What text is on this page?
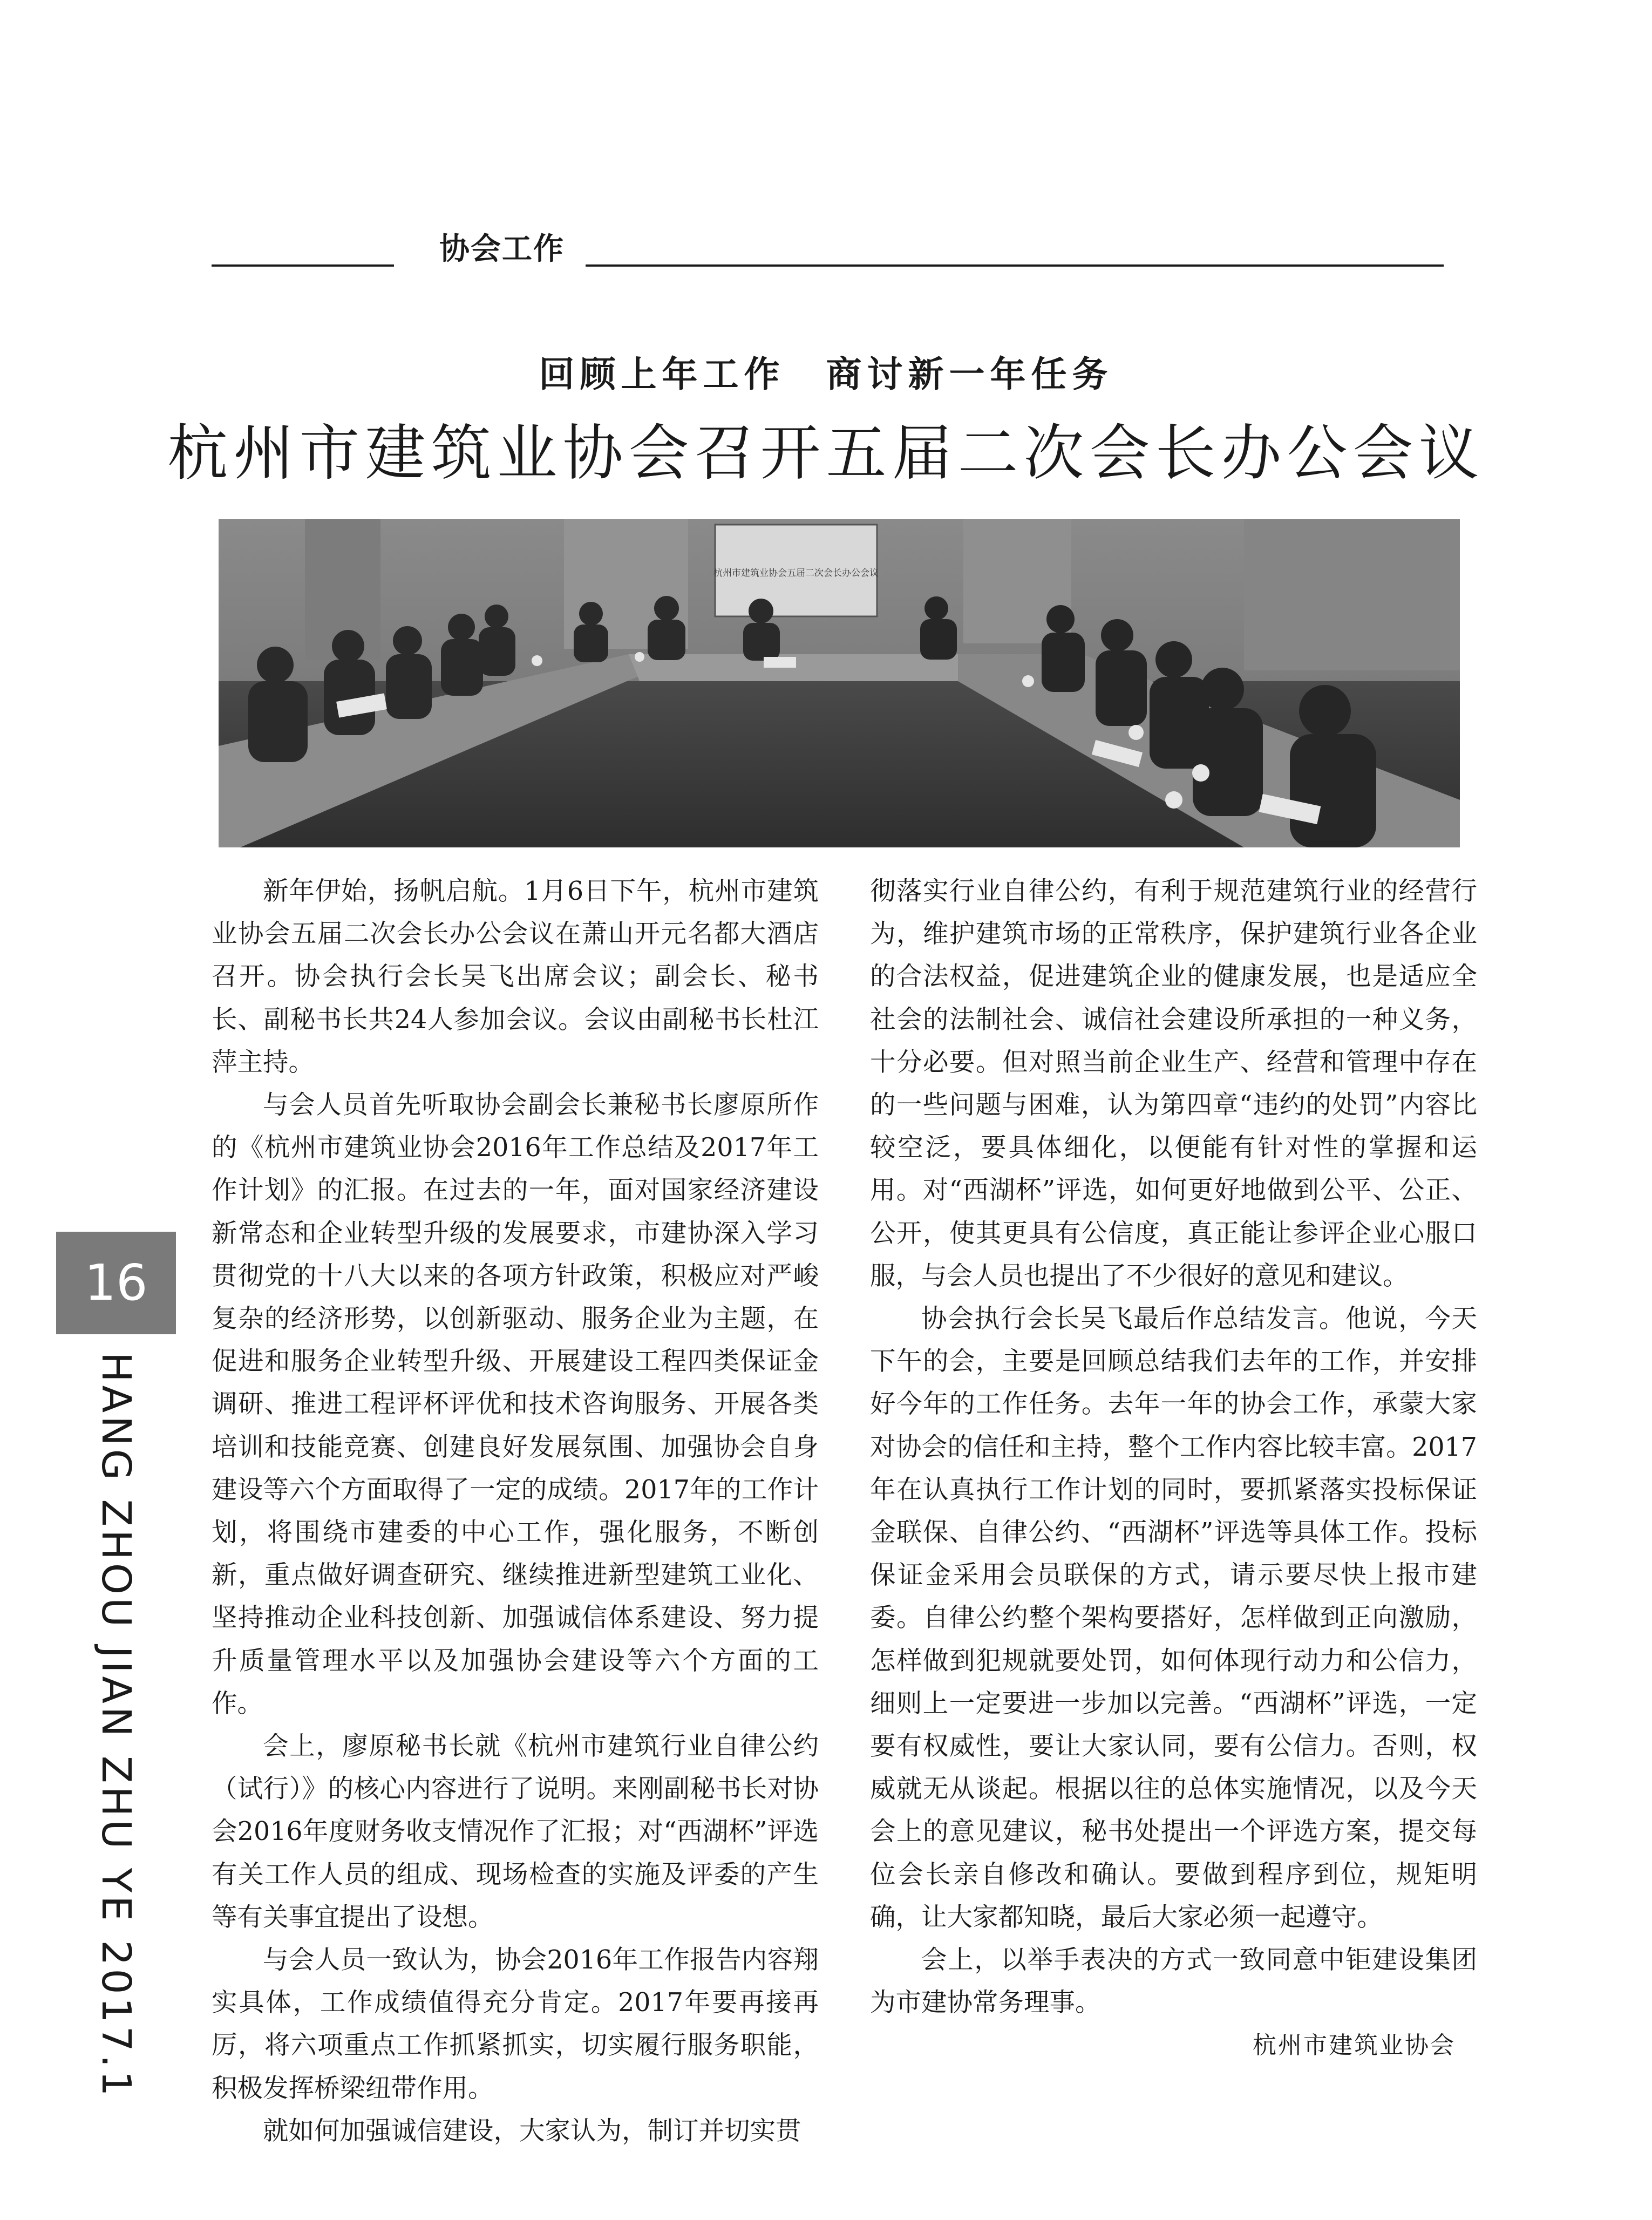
协会工作
回顾上年工作　商讨新一年任务
杭州市建筑业协会召开五届二次会长办公会议
杭州市建筑业协会五届二次会长办公会议

新年伊始，扬帆启航。1月6日下午，杭州市建筑业协会五届二次会长办公会议在萧山开元名都大酒店召开。协会执行会长吴飞出席会议；副会长、秘书长、副秘书长共24人参加会议。会议由副秘书长杜江萍主持。

与会人员首先听取协会副会长兼秘书长廖原所作的《杭州市建筑业协会2016年工作总结及2017年工作计划》的汇报。在过去的一年，面对国家经济建设新常态和企业转型升级的发展要求，市建协深入学习贯彻党的十八大以来的各项方针政策，积极应对严峻复杂的经济形势，以创新驱动、服务企业为主题，在促进和服务企业转型升级、开展建设工程四类保证金调研、推进工程评杯评优和技术咨询服务、开展各类培训和技能竞赛、创建良好发展氛围、加强协会自身建设等六个方面取得了一定的成绩。2017年的工作计划，将围绕市建委的中心工作，强化服务，不断创新，重点做好调查研究、继续推进新型建筑工业化、坚持推动企业科技创新、加强诚信体系建设、努力提升质量管理水平以及加强协会建设等六个方面的工作。

会上，廖原秘书长就《杭州市建筑行业自律公约（试行）》的核心内容进行了说明。来刚副秘书长对协会2016年度财务收支情况作了汇报；对“西湖杯”评选有关工作人员的组成、现场检查的实施及评委的产生等有关事宜提出了设想。

与会人员一致认为，协会2016年工作报告内容翔实具体，工作成绩值得充分肯定。2017年要再接再厉，将六项重点工作抓紧抓实，切实履行服务职能，积极发挥桥梁纽带作用。

就如何加强诚信建设，大家认为，制订并切实贯

彻落实行业自律公约，有利于规范建筑行业的经营行为，维护建筑市场的正常秩序，保护建筑行业各企业的合法权益，促进建筑企业的健康发展，也是适应全社会的法制社会、诚信社会建设所承担的一种义务，十分必要。但对照当前企业生产、经营和管理中存在的一些问题与困难，认为第四章“违约的处罚”内容比较空泛，要具体细化，以便能有针对性的掌握和运用。对“西湖杯”评选，如何更好地做到公平、公正、公开，使其更具有公信度，真正能让参评企业心服口服，与会人员也提出了不少很好的意见和建议。

协会执行会长吴飞最后作总结发言。他说，今天下午的会，主要是回顾总结我们去年的工作，并安排好今年的工作任务。去年一年的协会工作，承蒙大家对协会的信任和主持，整个工作内容比较丰富。2017年在认真执行工作计划的同时，要抓紧落实投标保证金联保、自律公约、“西湖杯”评选等具体工作。投标保证金采用会员联保的方式，请示要尽快上报市建委。自律公约整个架构要搭好，怎样做到正向激励，怎样做到犯规就要处罚，如何体现行动力和公信力，细则上一定要进一步加以完善。“西湖杯”评选，一定要有权威性，要让大家认同，要有公信力。否则，权威就无从谈起。根据以往的总体实施情况，以及今天会上的意见建议，秘书处提出一个评选方案，提交每位会长亲自修改和确认。要做到程序到位，规矩明确，让大家都知晓，最后大家必须一起遵守。

会上，以举手表决的方式一致同意中钜建设集团为市建协常务理事。

杭州市建筑业协会

16
HANG ZHOU JIAN ZHU YE 2017.1
